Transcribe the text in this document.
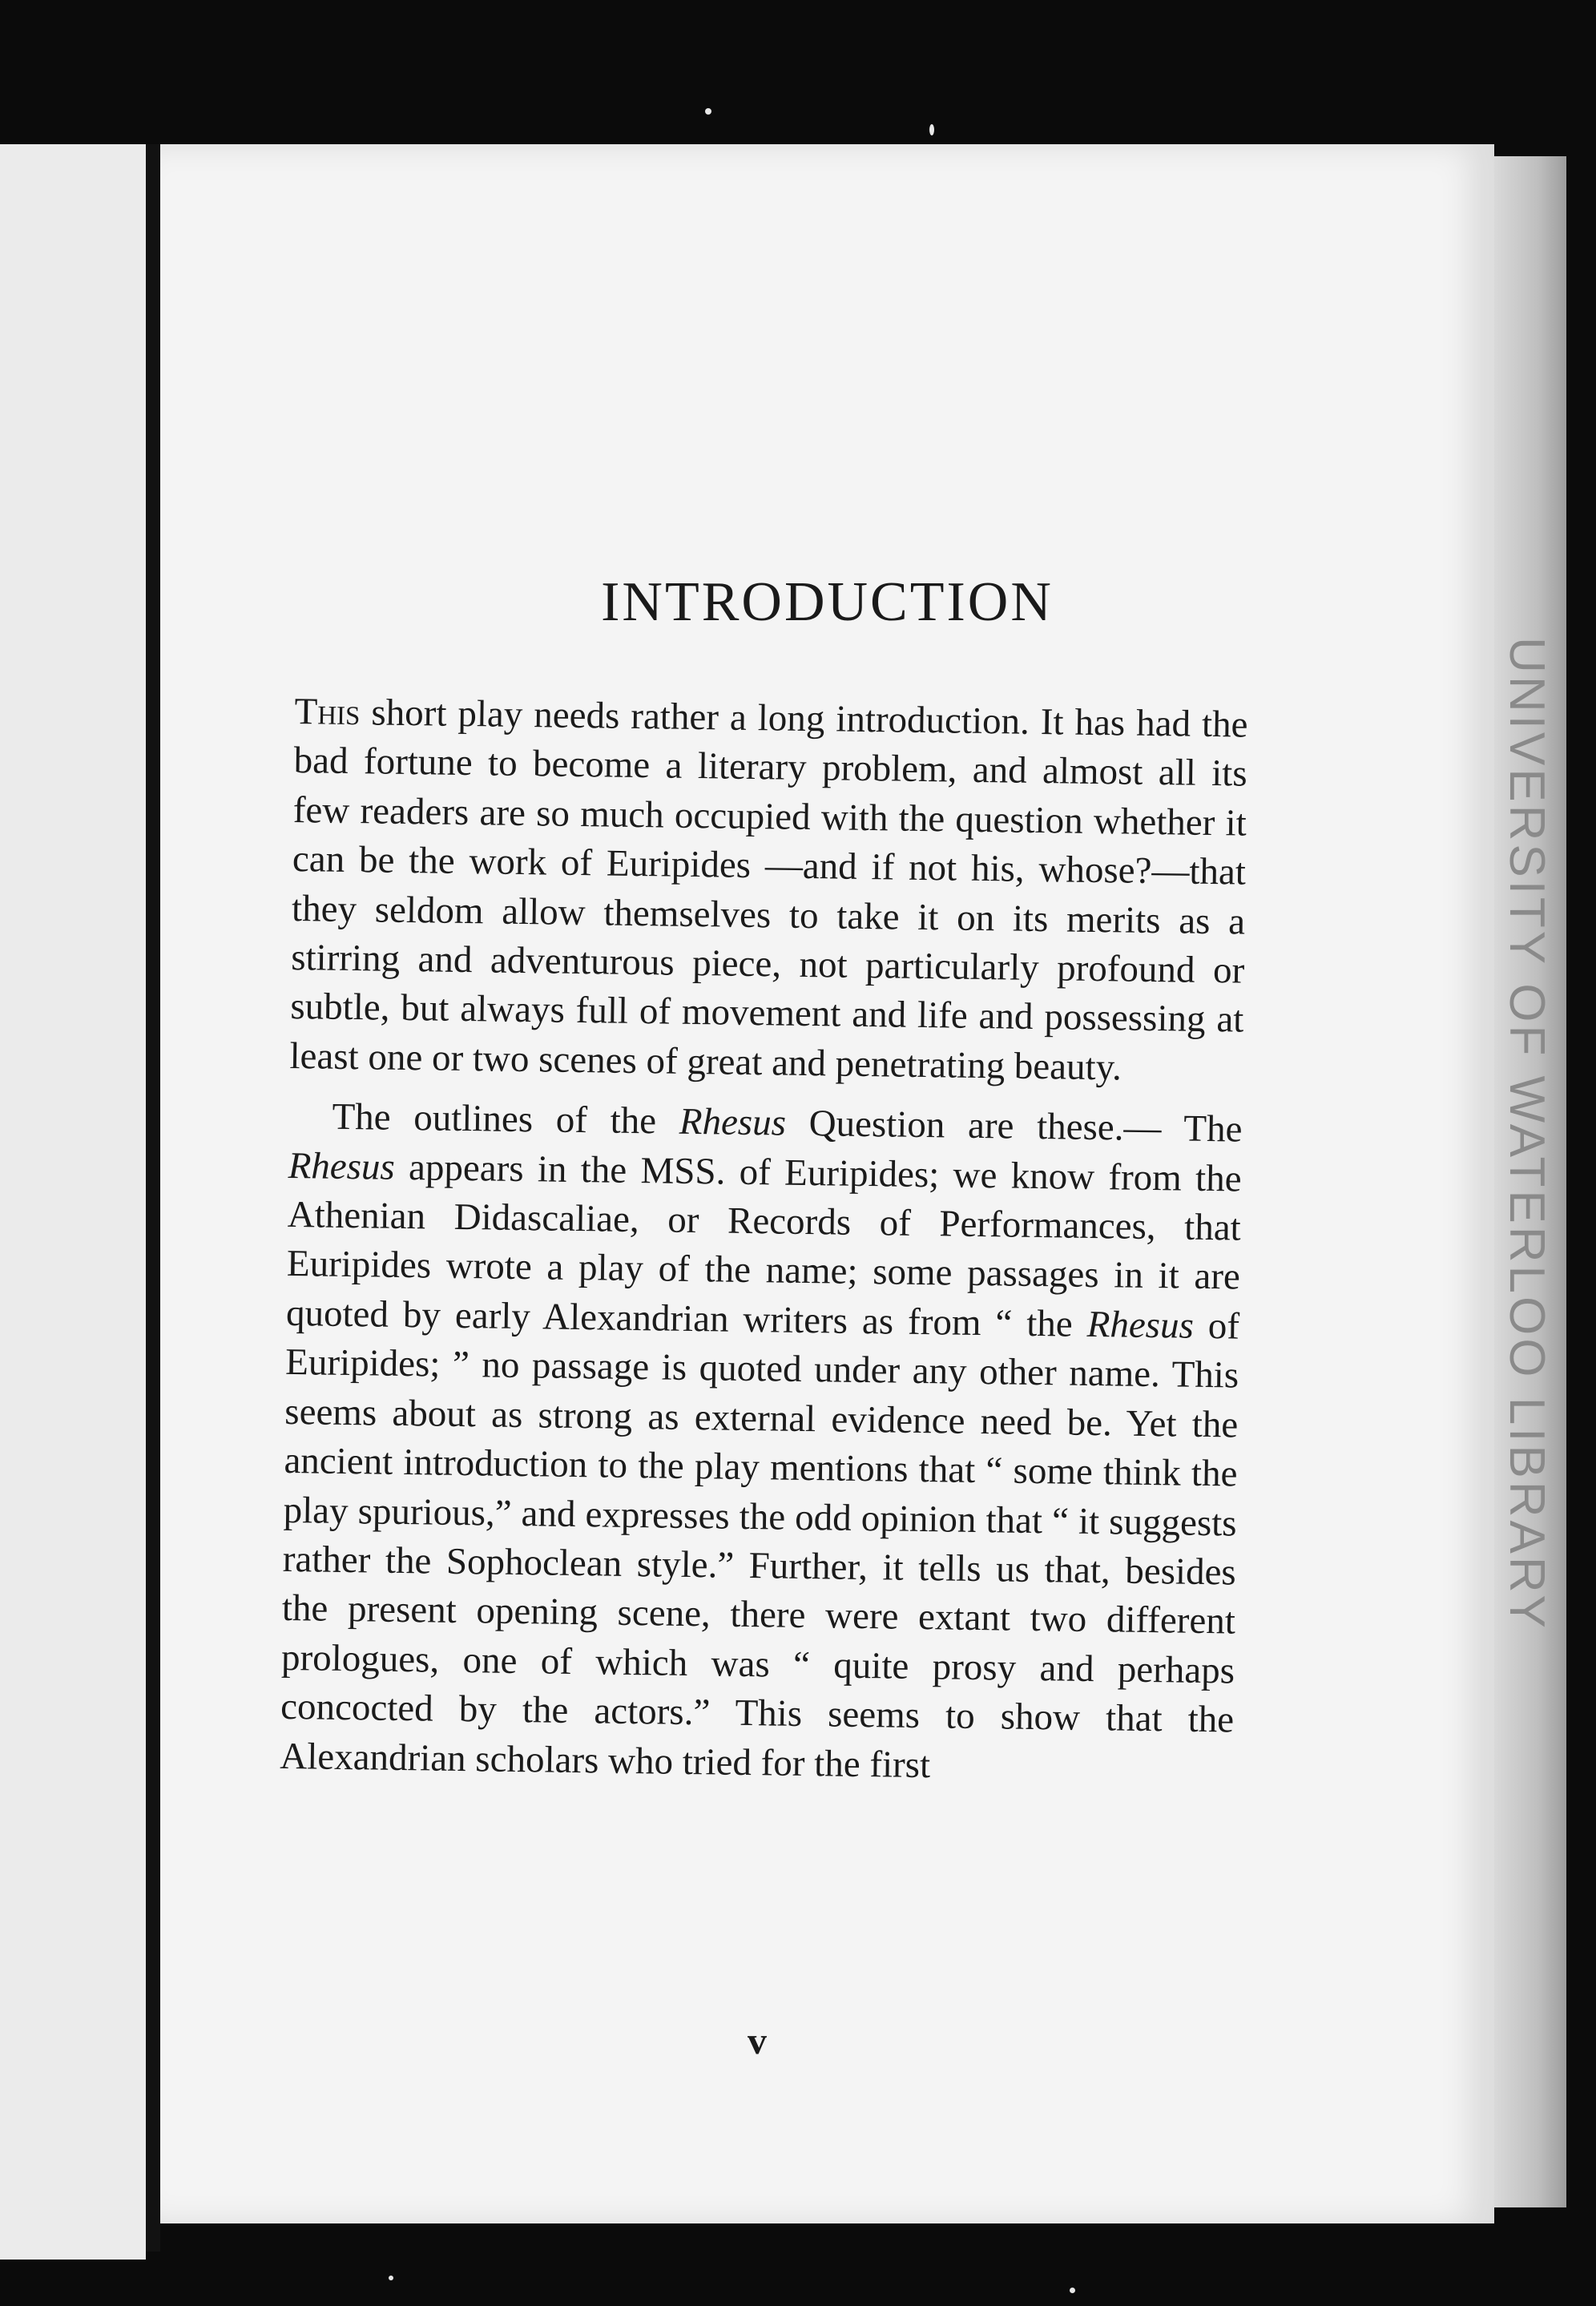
UNIVERSITY OF WATERLOO LIBRARY
INTRODUCTION

This short play needs rather a long introduction. It has had the bad fortune to become a literary problem, and almost all its few readers are so much occupied with the question whether it can be the work of Euripides —and if not his, whose?—that they seldom allow themselves to take it on its merits as a stirring and adventurous piece, not particularly profound or subtle, but always full of movement and life and possessing at least one or two scenes of great and penetrating beauty.

The outlines of the Rhesus Question are these.— The Rhesus appears in the MSS. of Euripides; we know from the Athenian Didascaliae, or Records of Performances, that Euripides wrote a play of the name; some passages in it are quoted by early Alexandrian writers as from “ the Rhesus of Euripides; ” no passage is quoted under any other name. This seems about as strong as external evidence need be. Yet the ancient introduction to the play mentions that “ some think the play spurious,” and expresses the odd opinion that “ it suggests rather the Sophoclean style.” Further, it tells us that, besides the present opening scene, there were extant two different prologues, one of which was “ quite prosy and perhaps concocted by the actors.” This seems to show that the Alexandrian scholars who tried for the first

v
